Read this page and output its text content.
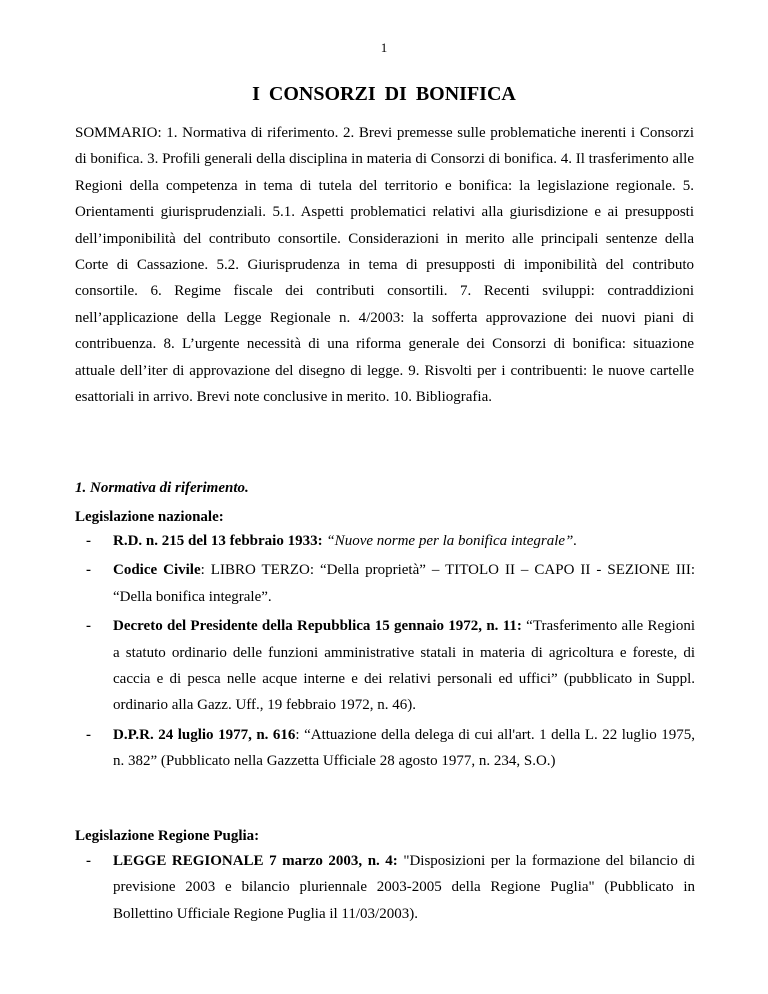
1
I CONSORZI DI BONIFICA

SOMMARIO: 1. Normativa di riferimento. 2. Brevi premesse sulle problematiche inerenti i Consorzi di bonifica. 3. Profili generali della disciplina in materia di Consorzi di bonifica. 4. Il trasferimento alle Regioni della competenza in tema di tutela del territorio e bonifica: la legislazione regionale. 5. Orientamenti giurisprudenziali. 5.1. Aspetti problematici relativi alla giurisdizione e ai presupposti dell’imponibilità del contributo consortile. Considerazioni in merito alle principali sentenze della Corte di Cassazione. 5.2. Giurisprudenza in tema di presupposti di imponibilità del contributo consortile. 6. Regime fiscale dei contributi consortili. 7. Recenti sviluppi: contraddizioni nell’applicazione della Legge Regionale n. 4/2003: la sofferta approvazione dei nuovi piani di contribuenza. 8. L’urgente necessità di una riforma generale dei Consorzi di bonifica: situazione attuale dell’iter di approvazione del disegno di legge. 9. Risvolti per i contribuenti: le nuove cartelle esattoriali in arrivo. Brevi note conclusive in merito. 10. Bibliografia.

1. Normativa di riferimento.
Legislazione nazionale:
- R.D. n. 215 del 13 febbraio 1933: “Nuove norme per la bonifica integrale”.
- Codice Civile: LIBRO TERZO: “Della proprietà” – TITOLO II – CAPO II - SEZIONE III: “Della bonifica integrale”.
- Decreto del Presidente della Repubblica 15 gennaio 1972, n. 11: “Trasferimento alle Regioni a statuto ordinario delle funzioni amministrative statali in materia di agricoltura e foreste, di caccia e di pesca nelle acque interne e dei relativi personali ed uffici” (pubblicato in Suppl. ordinario alla Gazz. Uff., 19 febbraio 1972, n. 46).
- D.P.R. 24 luglio 1977, n. 616: “Attuazione della delega di cui all'art. 1 della L. 22 luglio 1975, n. 382” (Pubblicato nella Gazzetta Ufficiale 28 agosto 1977, n. 234, S.O.)
Legislazione Regione Puglia:
- LEGGE REGIONALE 7 marzo 2003, n. 4: "Disposizioni per la formazione del bilancio di previsione 2003 e bilancio pluriennale 2003-2005 della Regione Puglia" (Pubblicato in Bollettino Ufficiale Regione Puglia il 11/03/2003).
